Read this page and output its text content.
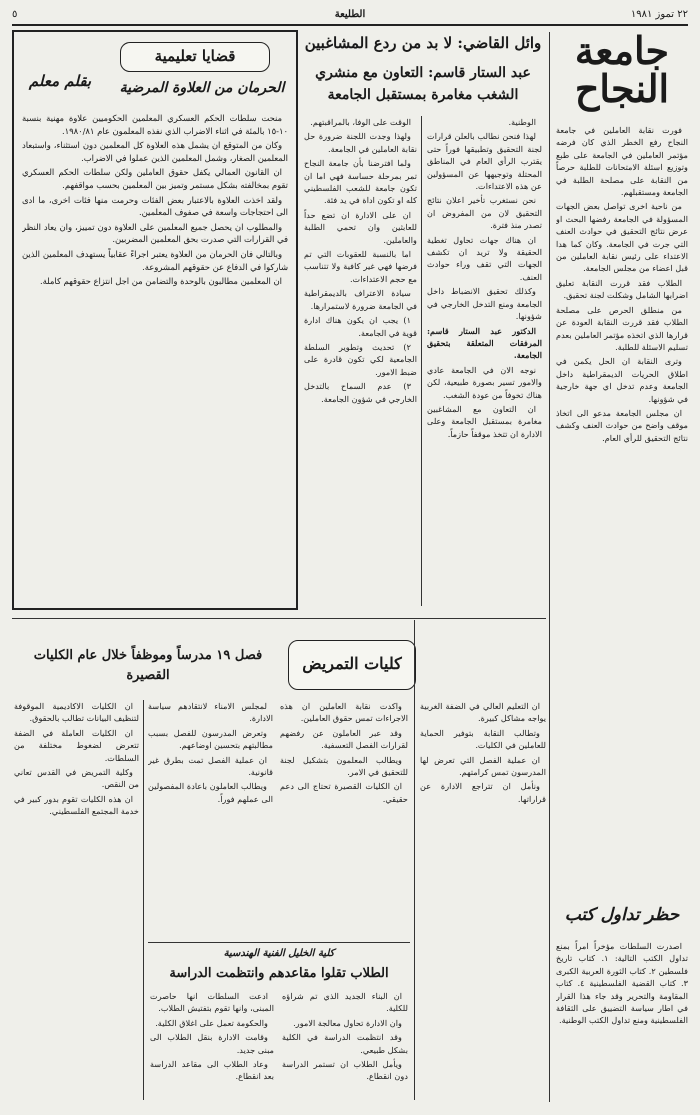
٢٢ تموز ١٩٨١
الطليعة
٥
جامعة النجاح

فورت نقابة العاملين في جامعة النجاح رفع الخطر الذي كان فرضه مؤتمر العاملين في الجامعة على طبع وتوزيع اسئلة الامتحانات للطلبة حرصاً من النقابة على مصلحة الطلبة في الجامعة ومستقبلهم.

من ناحية اخرى تواصل بعض الجهات المسؤولة في الجامعة رفضها البحث او عرض نتائج التحقيق في حوادث العنف التي جرت في الجامعة. وكان كما هدا الاعتداء على رئيس نقابة العاملين من قبل اعضاء من مجلس الجامعة.

الطلاب فقد قررت النقابة تعليق اضرابها الشامل وشكلت لجنة تحقيق.

من منطلق الحرص على مصلحة الطلاب فقد قررت النقابة العودة عن قرارها الذي اتخذه مؤتمر العاملين بعدم تسليم الاسئلة للطلبة.

وترى النقابة ان الحل يكمن في اطلاق الحريات الديمقراطية داخل الجامعة وعدم تدخل اي جهة خارجية في شؤونها.

ان مجلس الجامعة مدعو الى اتخاذ موقف واضح من حوادث العنف وكشف نتائج التحقيق للرأي العام.

حظر تداول كتب

اصدرت السلطات مؤخراً امراً بمنع تداول الكتب التالية: ١. كتاب تاريخ فلسطين ٢. كتاب الثورة العربية الكبرى ٣. كتاب القضية الفلسطينية ٤. كتاب المقاومة والتحرير وقد جاء هذا القرار في اطار سياسة التضييق على الثقافة الفلسطينية ومنع تداول الكتب الوطنية.

وائل القاضي: لا بد من ردع المشاغبين
عبد الستار قاسم: التعاون مع منشري الشغب مغامرة بمستقبل الجامعة

الوطنية.

لهذا فنحن نطالب بالعلن قرارات لجنة التحقيق وتطبيقها فوراً حتى يقترب الرأي العام في المناطق المحتلة وتوجيهها عن المسؤولين عن هذه الاعتداءات.

نحن نستغرب تأخير اعلان نتائج التحقيق لان من المفروض ان تصدر منذ فترة.

ان هناك جهات تحاول تغطية الحقيقة ولا تريد ان تكشف الجهات التي تقف وراء حوادث العنف.

وكذلك تحقيق الانضباط داخل الجامعة ومنع التدخل الخارجي في شؤونها.

الدكتور عبد الستار قاسم: المرفقات المتعلقة بتحقيق الجامعة.

نوجه الان في الجامعة عادي والامور تسير بصورة طبيعية، لكن هناك تخوفاً من عودة الشغب.

ان التعاون مع المشاغبين مغامرة بمستقبل الجامعة وعلى الادارة ان تتخذ موقفاً حازماً.

الوقت على الوفا، بالمراقبتهم.

ولهذا وجدت اللجنة ضرورة حل نقابة العاملين في الجامعة.

ولما افترضنا بأن جامعة النجاح تمر بمرحلة حساسة فهي اما ان تكون جامعة للشعب الفلسطيني كله او تكون اداة في يد فئة.

ان على الادارة ان تضع حداً للعابثين وان تحمي الطلبة والعاملين.

اما بالنسبة للعقوبات التي تم فرضها فهي غير كافية ولا تتناسب مع حجم الاعتداءات.

سيادة الاعتراف بالديمقراطية في الجامعة ضرورة لاستمرارها.

١) يجب ان يكون هناك ادارة قوية في الجامعة.

٢) تحديث وتطوير السلطة الجامعية لكي تكون قادرة على ضبط الامور.

٣) عدم السماح بالتدخل الخارجي في شؤون الجامعة.

قضايا تعليمية
الحرمان من العلاوة المرضية
بقلم معلم

منحت سلطات الحكم العسكري المعلمين الحكوميين علاوة مهنية بنسبة ١٠-١٥ بالمئة في اثناء الاضراب الذي نفذه المعلمون عام ١٩٨٠/٨١.

وكان من المتوقع ان يشمل هذه العلاوة كل المعلمين دون استثناء، واستبعاد المعلمين الصغار، وشمل المعلمين الذين عملوا في الاضراب.

ان القانون العمالي يكفل حقوق العاملين ولكن سلطات الحكم العسكري تقوم بمخالفته بشكل مستمر وتميز بين المعلمين بحسب مواقفهم.

ولقد اخذت العلاوة بالاعتبار بعض الفئات وحرمت منها فئات اخرى، ما ادى الى احتجاجات واسعة في صفوف المعلمين.

والمطلوب ان يحصل جميع المعلمين على العلاوة دون تمييز، وان يعاد النظر في القرارات التي صدرت بحق المعلمين المضربين.

وبالتالي فان الحرمان من العلاوة يعتبر اجراءً عقابياً يستهدف المعلمين الذين شاركوا في الدفاع عن حقوقهم المشروعة.

ان المعلمين مطالبون بالوحدة والتضامن من اجل انتزاع حقوقهم كاملة.

كليات التمريض
فصل ١٩ مدرساً وموظفاً خلال عام الكليات القصيرة

ان الكليات الاكاديمية الموقوفة لتنظيف البيانات تطالب بالحقوق.

ان الكليات العاملة في الضفة تتعرض لضغوط مختلفة من السلطات.

وكلية التمريض في القدس تعاني من النقص.

ان هذه الكليات تقوم بدور كبير في خدمة المجتمع الفلسطيني.

لمجلس الامناء لانتقادهم سياسة الادارة.

وتعرض المدرسون للفصل بسبب مطالبتهم بتحسين اوضاعهم.

ان عملية الفصل تمت بطرق غير قانونية.

ويطالب العاملون باعادة المفصولين الى عملهم فوراً.

واكدت نقابة العاملين ان هذه الاجراءات تمس حقوق العاملين.

وقد عبر العاملون عن رفضهم لقرارات الفصل التعسفية.

ويطالب المعلمون بتشكيل لجنة للتحقيق في الامر.

ان الكليات القصيرة تحتاج الى دعم حقيقي.

ان التعليم العالي في الضفة الغربية يواجه مشاكل كبيرة.

وتطالب النقابة بتوفير الحماية للعاملين في الكليات.

ان عملية الفصل التي تعرض لها المدرسون تمس كرامتهم.

ونأمل ان تتراجع الادارة عن قراراتها.

كلية الخليل الفنية الهندسية
الطلاب تقلوا مقاعدهم وانتظمت الدراسة

ادعت السلطات انها حاصرت المبنى، وانها تقوم بتفتيش الطلاب.

والحكومة تعمل على اغلاق الكلية.

وقامت الادارة بنقل الطلاب الى مبنى جديد.

وعاد الطلاب الى مقاعد الدراسة بعد انقطاع.

ان البناء الجديد الذي تم شراؤه للكلية.

وان الادارة تحاول معالجة الامور.

وقد انتظمت الدراسة في الكلية بشكل طبيعي.

ويأمل الطلاب ان تستمر الدراسة دون انقطاع.
